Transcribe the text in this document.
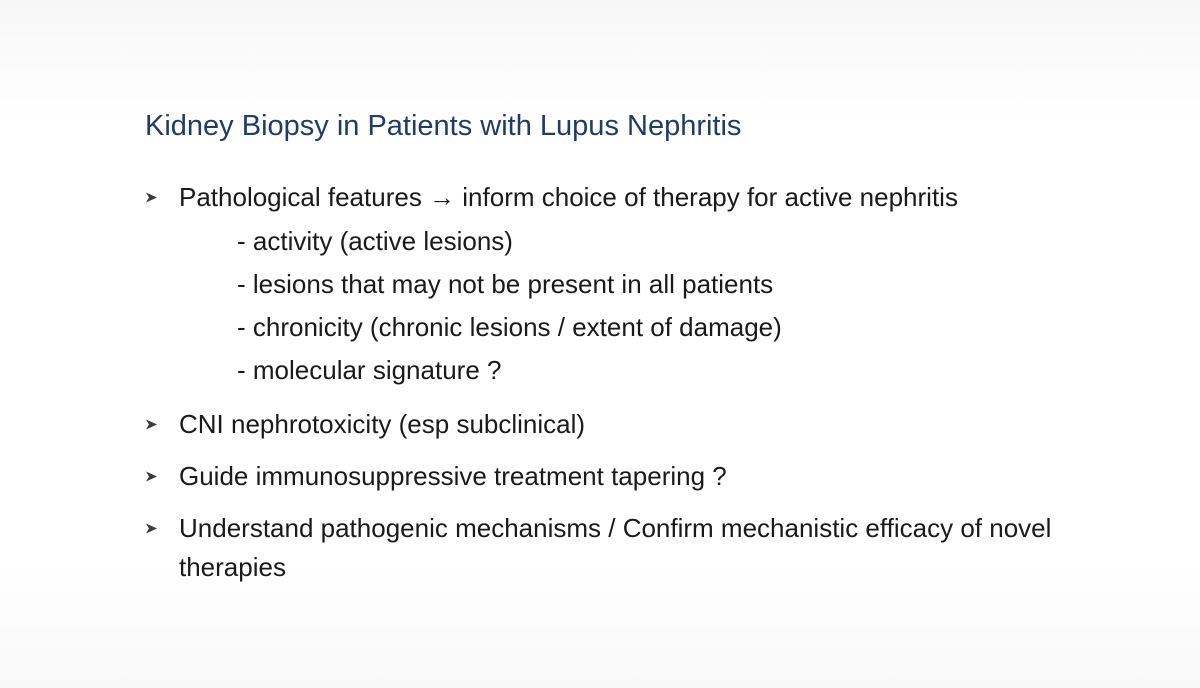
Kidney Biopsy in Patients with Lupus Nephritis
Pathological features → inform choice of therapy for active nephritis
- activity (active lesions)
- lesions that may not be present in all patients
- chronicity (chronic lesions / extent of damage)
- molecular signature ?
CNI nephrotoxicity (esp subclinical)
Guide immunosuppressive treatment tapering ?
Understand pathogenic mechanisms / Confirm mechanistic efficacy of novel therapies
